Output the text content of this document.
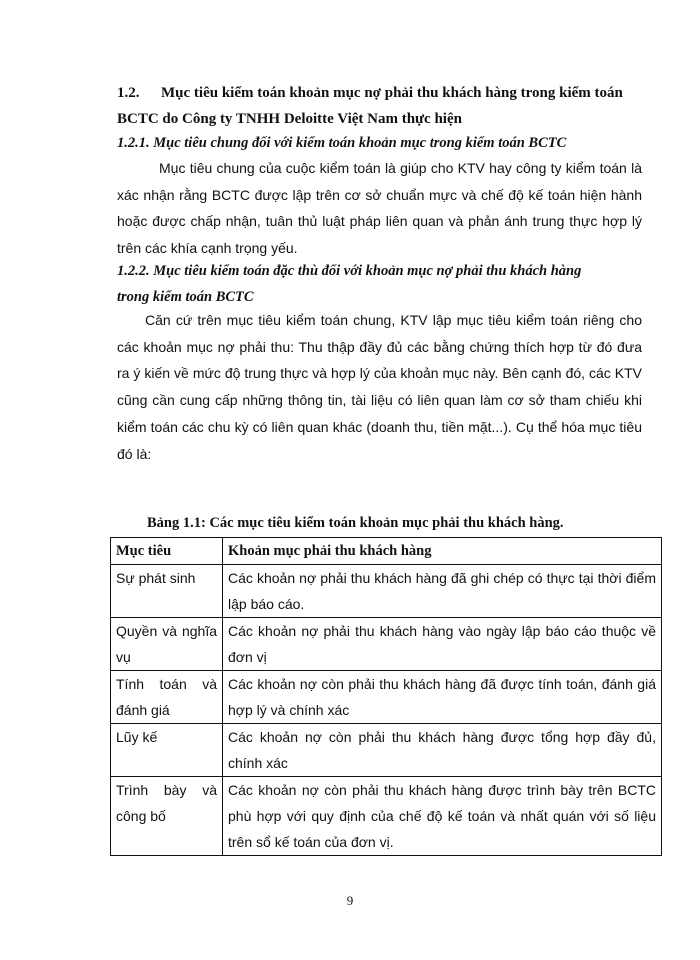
1.2. Mục tiêu kiểm toán khoản mục nợ phải thu khách hàng trong kiểm toán
BCTC do Công ty TNHH Deloitte Việt Nam thực hiện
1.2.1. Mục tiêu chung đối với kiểm toán khoản mục trong kiểm toán BCTC
Mục tiêu chung của cuộc kiểm toán là giúp cho KTV hay công ty kiểm toán là xác nhận rằng BCTC được lập trên cơ sở chuẩn mực và chế độ kế toán hiện hành hoặc được chấp nhận, tuân thủ luật pháp liên quan và phản ánh trung thực hợp lý trên các khía cạnh trọng yếu.
1.2.2. Mục tiêu kiểm toán đặc thù đối với khoản mục nợ phải thu khách hàng
trong kiểm toán BCTC
Căn cứ trên mục tiêu kiểm toán chung, KTV lập mục tiêu kiểm toán riêng cho các khoản mục nợ phải thu: Thu thập đầy đủ các bằng chứng thích hợp từ đó đưa ra ý kiến về mức độ trung thực và hợp lý của khoản mục này. Bên cạnh đó, các KTV cũng cần cung cấp những thông tin, tài liệu có liên quan làm cơ sở tham chiếu khi kiểm toán các chu kỳ có liên quan khác (doanh thu, tiền mặt...). Cụ thể hóa mục tiêu đó là:
Bảng 1.1: Các mục tiêu kiểm toán khoản mục phải thu khách hàng.
Mục tiêu	Khoản mục phải thu khách hàng
Sự phát sinh	Các khoản nợ phải thu khách hàng đã ghi chép có thực tại thời điểm lập báo cáo.
Quyền và nghĩa vụ	Các khoản nợ phải thu khách hàng vào ngày lập báo cáo thuộc về đơn vị
Tính toán và đánh giá	Các khoản nợ còn phải thu khách hàng đã được tính toán, đánh giá hợp lý và chính xác
Lũy kế	Các khoản nợ còn phải thu khách hàng được tổng hợp đầy đủ, chính xác
Trình bày và công bố	Các khoản nợ còn phải thu khách hàng được trình bày trên BCTC phù hợp với quy định của chế độ kế toán và nhất quán với số liệu trên sổ kế toán của đơn vị.
9
